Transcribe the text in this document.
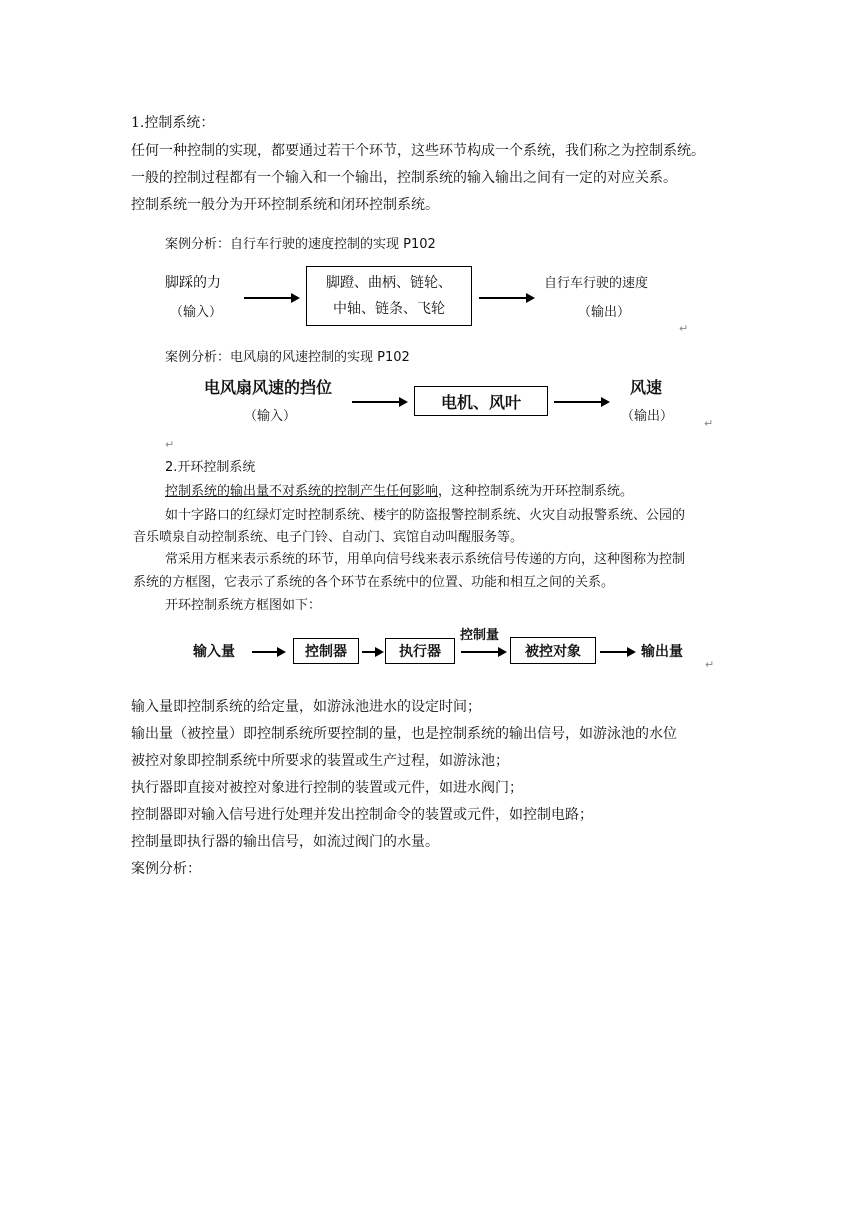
1.控制系统：
任何一种控制的实现，都要通过若干个环节，这些环节构成一个系统，我们称之为控制系统。
一般的控制过程都有一个输入和一个输出，控制系统的输入输出之间有一定的对应关系。
控制系统一般分为开环控制系统和闭环控制系统。
案例分析：自行车行驶的速度控制的实现 P102
脚踩的力
（输入）
脚蹬、曲柄、链轮、
中轴、链条、飞轮
自行车行驶的速度
（输出）
案例分析：电风扇的风速控制的实现 P102
电风扇风速的挡位
（输入）
电机、风叶
风速
（输出）
2.开环控制系统
控制系统的输出量不对系统的控制产生任何影响，这种控制系统为开环控制系统。
如十字路口的红绿灯定时控制系统、楼宇的防盗报警控制系统、火灾自动报警系统、公园的
音乐喷泉自动控制系统、电子门铃、自动门、宾馆自动叫醒服务等。
常采用方框来表示系统的环节，用单向信号线来表示系统信号传递的方向，这种图称为控制
系统的方框图，它表示了系统的各个环节在系统中的位置、功能和相互之间的关系。
开环控制系统方框图如下：
输入量	控制器	执行器
控制量
被控对象	输出量
输入量即控制系统的给定量，如游泳池进水的设定时间；
输出量（被控量）即控制系统所要控制的量，也是控制系统的输出信号，如游泳池的水位
被控对象即控制系统中所要求的装置或生产过程，如游泳池；
执行器即直接对被控对象进行控制的装置或元件，如进水阀门；
控制器即对输入信号进行处理并发出控制命令的装置或元件，如控制电路；
控制量即执行器的输出信号，如流过阀门的水量。
案例分析：
↵
↵
↵
↵
